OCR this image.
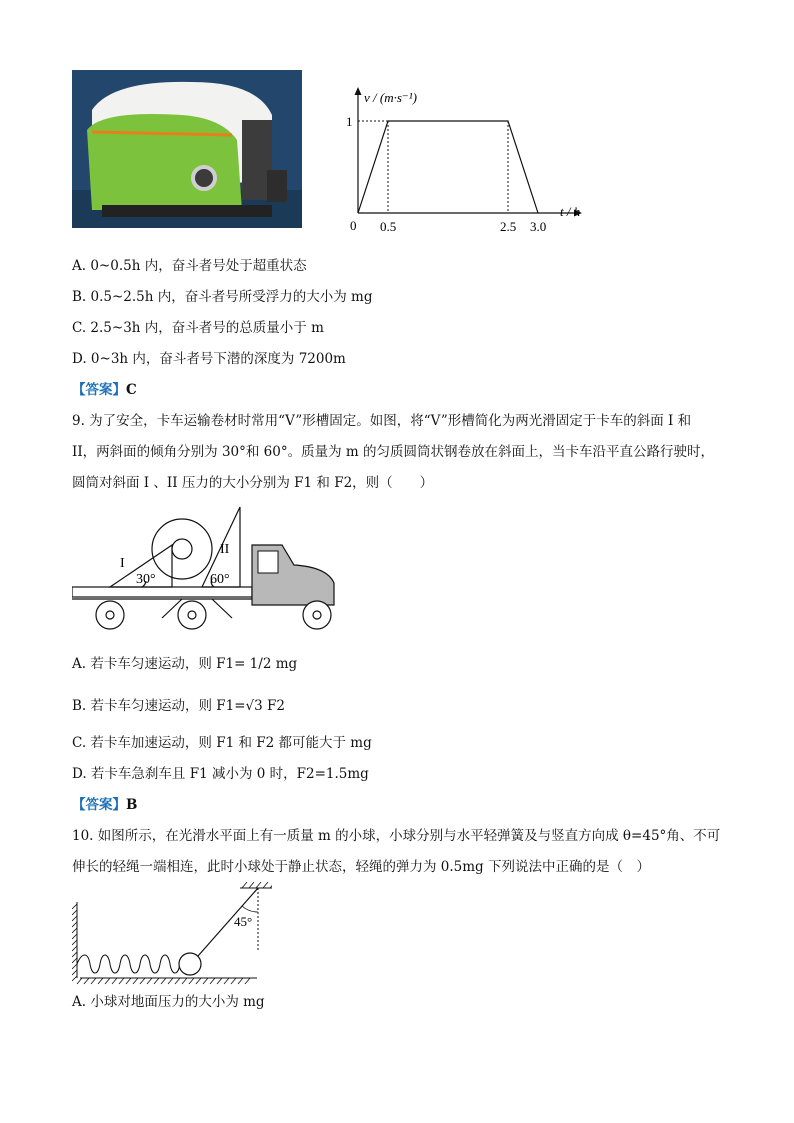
v / (m·s⁻¹)
1
0 0.5	2.5 3.0
t / h
A. 0~0.5h 内，奋斗者号处于超重状态
B. 0.5~2.5h 内，奋斗者号所受浮力的大小为 mg
C. 2.5~3h 内，奋斗者号的总质量小于 m
D. 0~3h 内，奋斗者号下潜的深度为 7200m
【答案】C
9. 为了安全，卡车运输卷材时常用“V”形槽固定。如图，将“V”形槽简化为两光滑固定于卡车的斜面 I 和
II，两斜面的倾角分别为 30°和 60°。质量为 m 的匀质圆筒状钢卷放在斜面上，当卡车沿平直公路行驶时，
圆筒对斜面 I 、II 压力的大小分别为 F1 和 F2，则（　　）
I
II
30°	60°
A. 若卡车匀速运动，则 F1= 1/2 mg
B. 若卡车匀速运动，则 F1=√3 F2
C. 若卡车加速运动，则 F1 和 F2 都可能大于 mg
D. 若卡车急刹车且 F1 减小为 0 时，F2=1.5mg
【答案】B
10. 如图所示，在光滑水平面上有一质量 m 的小球，小球分别与水平轻弹簧及与竖直方向成 θ=45°角、不可
伸长的轻绳一端相连，此时小球处于静止状态，轻绳的弹力为 0.5mg 下列说法中正确的是（　）
45°
A. 小球对地面压力的大小为 mg
